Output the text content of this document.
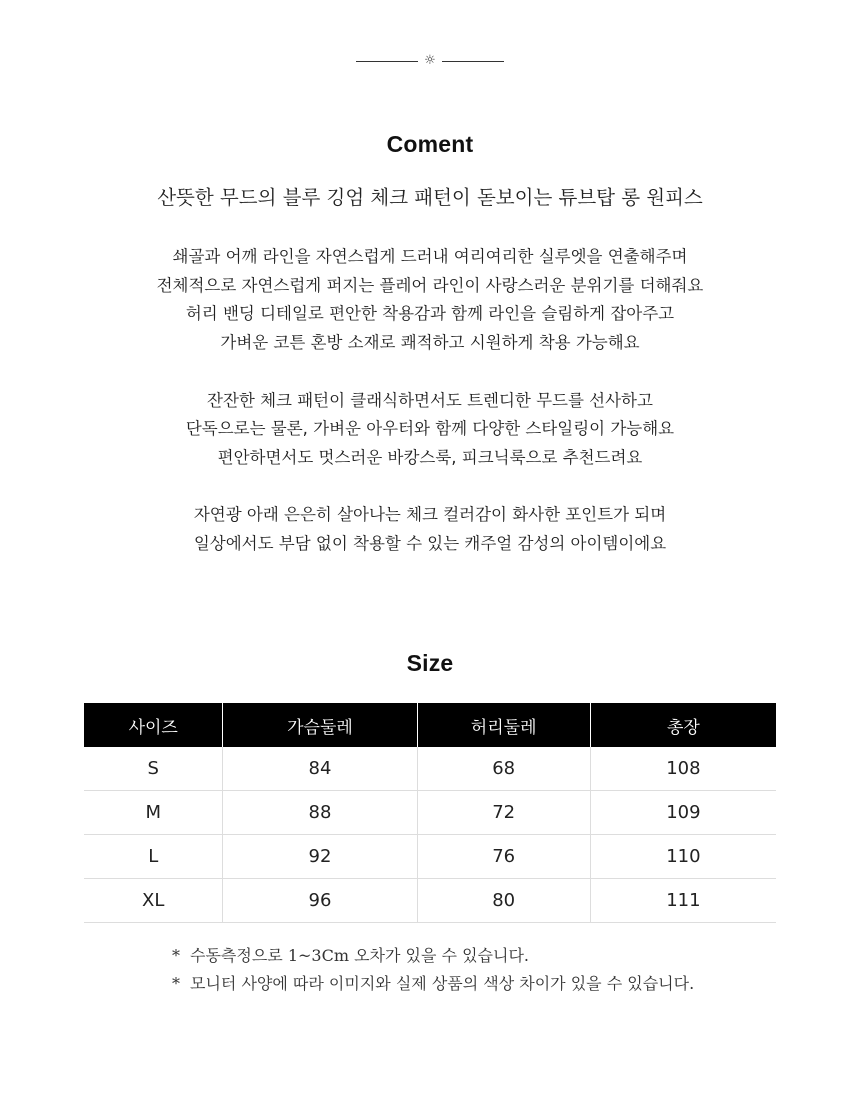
☼
Coment
산뜻한 무드의 블루 깅엄 체크 패턴이 돋보이는 튜브탑 롱 원피스
쇄골과 어깨 라인을 자연스럽게 드러내 여리여리한 실루엣을 연출해주며
전체적으로 자연스럽게 퍼지는 플레어 라인이 사랑스러운 분위기를 더해줘요
허리 밴딩 디테일로 편안한 착용감과 함께 라인을 슬림하게 잡아주고
가벼운 코튼 혼방 소재로 쾌적하고 시원하게 착용 가능해요
잔잔한 체크 패턴이 클래식하면서도 트렌디한 무드를 선사하고
단독으로는 물론, 가벼운 아우터와 함께 다양한 스타일링이 가능해요
편안하면서도 멋스러운 바캉스룩, 피크닉룩으로 추천드려요
자연광 아래 은은히 살아나는 체크 컬러감이 화사한 포인트가 되며
일상에서도 부담 없이 착용할 수 있는 캐주얼 감성의 아이템이에요
Size
사이즈	가슴둘레	허리둘레	총장
S	84	68	108
M	88	72	109
L	92	76	110
XL	96	80	111
* 수동측정으로 1~3Cm 오차가 있을 수 있습니다.
* 모니터 사양에 따라 이미지와 실제 상품의 색상 차이가 있을 수 있습니다.
